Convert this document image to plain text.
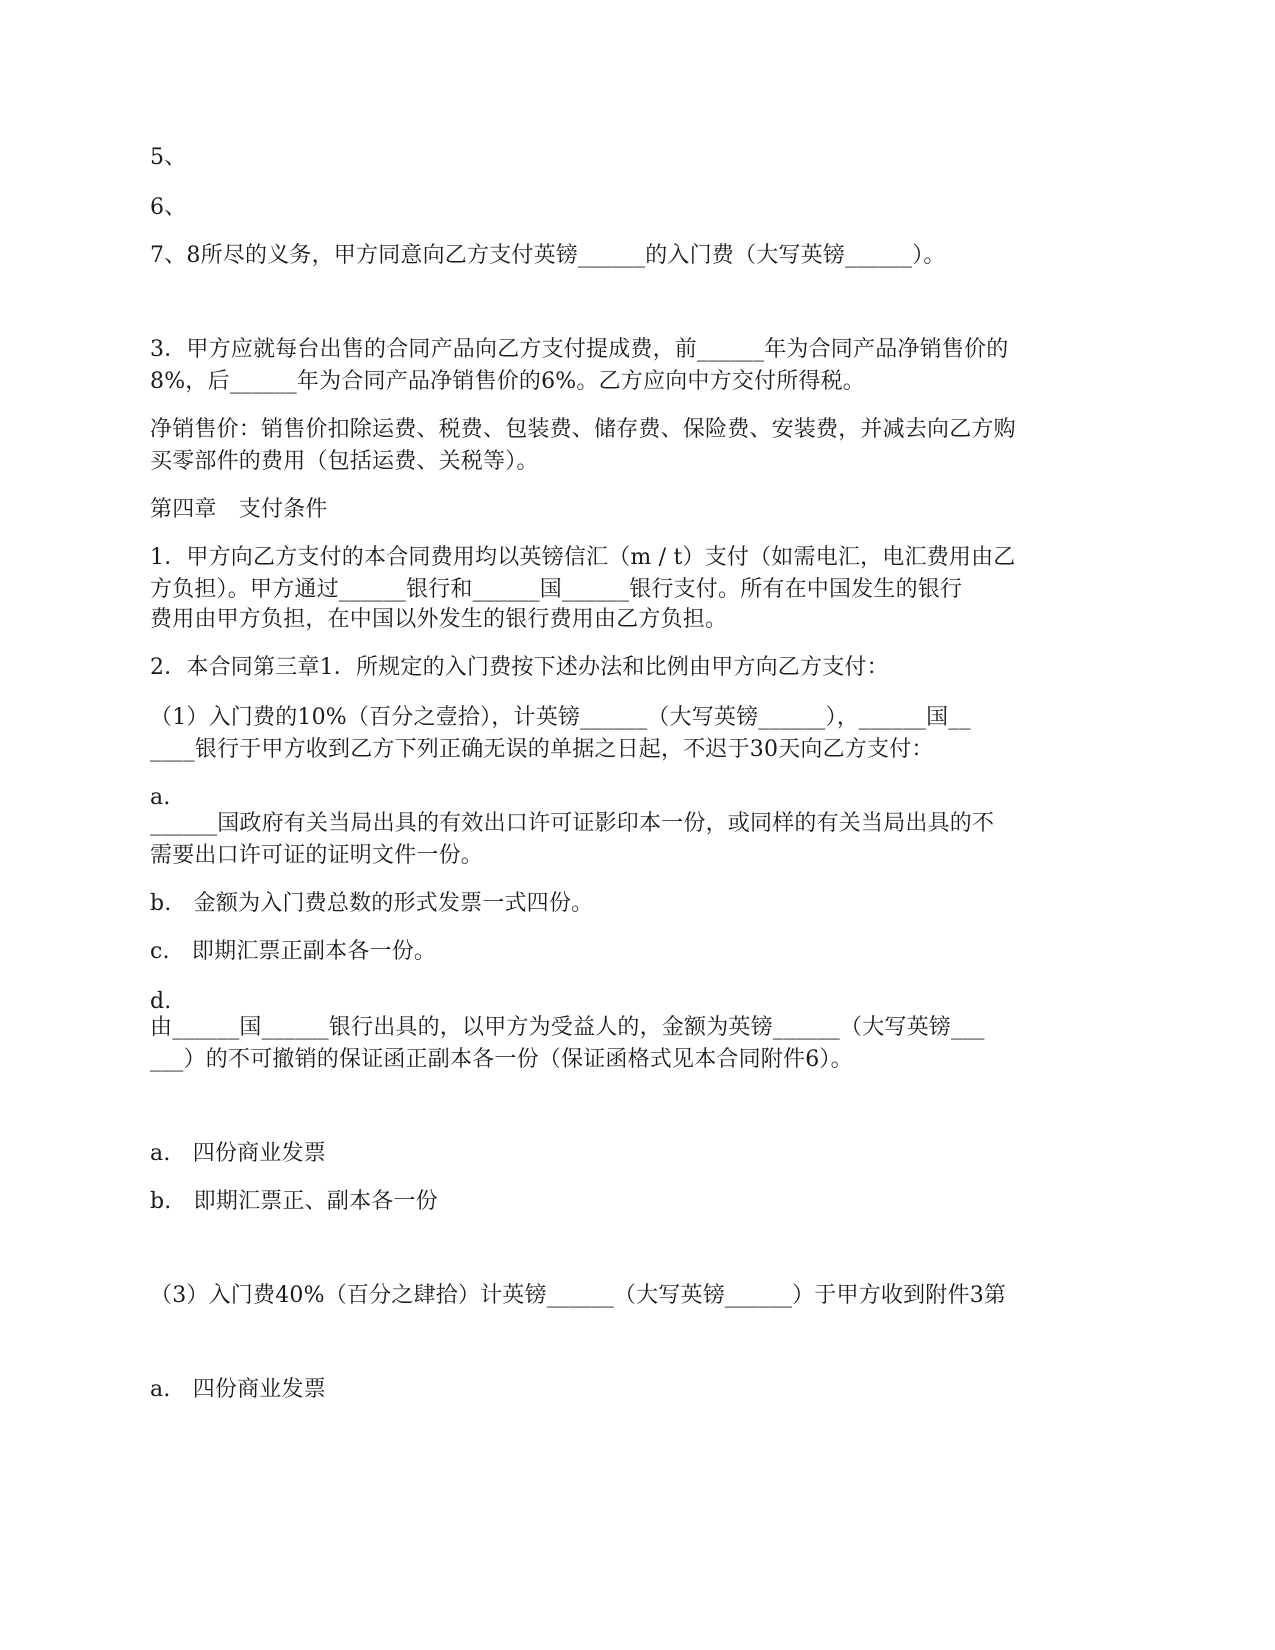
5、
6、
7、8所尽的义务，甲方同意向乙方支付英镑______的入门费（大写英镑______）。
3．甲方应就每台出售的合同产品向乙方支付提成费，前______年为合同产品净销售价的
8%，后______年为合同产品净销售价的6%。乙方应向中方交付所得税。
净销售价：销售价扣除运费、税费、包装费、储存费、保险费、安装费，并减去向乙方购
买零部件的费用（包括运费、关税等）。
第四章　支付条件
1．甲方向乙方支付的本合同费用均以英镑信汇（m / t）支付（如需电汇，电汇费用由乙
方负担）。甲方通过______银行和______国______银行支付。所有在中国发生的银行
费用由甲方负担，在中国以外发生的银行费用由乙方负担。
2．本合同第三章1．所规定的入门费按下述办法和比例由甲方向乙方支付：
（1）入门费的10%（百分之壹拾），计英镑______（大写英镑______），______国__
____银行于甲方收到乙方下列正确无误的单据之日起，不迟于30天向乙方支付：
a.
______国政府有关当局出具的有效出口许可证影印本一份，或同样的有关当局出具的不
需要出口许可证的证明文件一份。
b.　金额为入门费总数的形式发票一式四份。
c.　即期汇票正副本各一份。
d.
由______国______银行出具的，以甲方为受益人的，金额为英镑______（大写英镑___
___）的不可撤销的保证函正副本各一份（保证函格式见本合同附件6）。
a.　四份商业发票
b.　即期汇票正、副本各一份
（3）入门费40%（百分之肆拾）计英镑______（大写英镑______）于甲方收到附件3第
a.　四份商业发票
